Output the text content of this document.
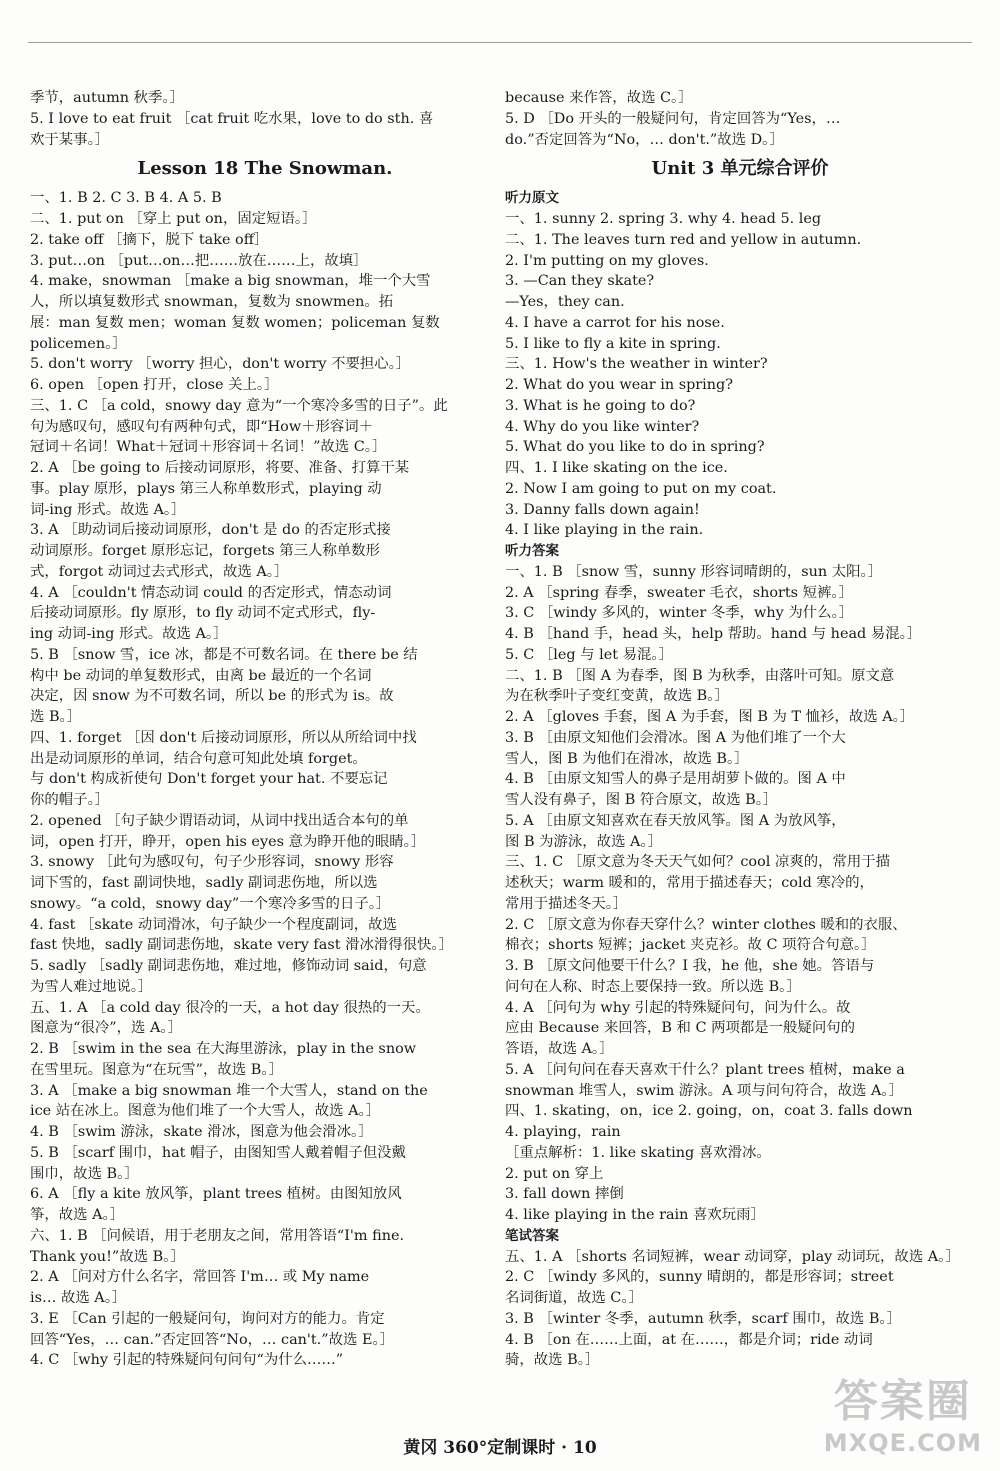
季节，autumn 秋季。］
5. I love to eat fruit ［cat fruit 吃水果，love to do sth. 喜
欢于某事。］
Lesson 18 The Snowman.
一、1. B 2. C 3. B 4. A 5. B
二、1. put on ［穿上 put on，固定短语。］
2. take off ［摘下，脱下 take off］
3. put…on ［put…on…把……放在……上，故填］
4. make，snowman ［make a big snowman，堆一个大雪
人，所以填复数形式 snowman，复数为 snowmen。拓
展：man 复数 men；woman 复数 women；policeman 复数
policemen。］
5. don't worry ［worry 担心，don't worry 不要担心。］
6. open ［open 打开，close 关上。］
三、1. C ［a cold，snowy day 意为“一个寒冷多雪的日子”。此
句为感叹句，感叹句有两种句式，即“How＋形容词＋
冠词＋名词！What＋冠词＋形容词＋名词！”故选 C。］
2. A ［be going to 后接动词原形，将要、准备、打算干某
事。play 原形，plays 第三人称单数形式，playing 动
词-ing 形式。故选 A。］
3. A ［助动词后接动词原形，don't 是 do 的否定形式接
动词原形。forget 原形忘记，forgets 第三人称单数形
式，forgot 动词过去式形式，故选 A。］
4. A ［couldn't 情态动词 could 的否定形式，情态动词
后接动词原形。fly 原形，to fly 动词不定式形式，fly-
ing 动词-ing 形式。故选 A。］
5. B ［snow 雪，ice 冰，都是不可数名词。在 there be 结
构中 be 动词的单复数形式，由离 be 最近的一个名词
决定，因 snow 为不可数名词，所以 be 的形式为 is。故
选 B。］
四、1. forget ［因 don't 后接动词原形，所以从所给词中找
出是动词原形的单词，结合句意可知此处填 forget。
与 don't 构成祈使句 Don't forget your hat. 不要忘记
你的帽子。］
2. opened ［句子缺少谓语动词，从词中找出适合本句的单
词，open 打开，睁开，open his eyes 意为睁开他的眼睛。］
3. snowy ［此句为感叹句，句子少形容词，snowy 形容
词下雪的，fast 副词快地，sadly 副词悲伤地，所以选
snowy。“a cold，snowy day”一个寒冷多雪的日子。］
4. fast ［skate 动词滑冰，句子缺少一个程度副词，故选
fast 快地，sadly 副词悲伤地，skate very fast 滑冰滑得很快。］
5. sadly ［sadly 副词悲伤地，难过地，修饰动词 said，句意
为雪人难过地说。］
五、1. A ［a cold day 很冷的一天，a hot day 很热的一天。
图意为“很冷”，选 A。］
2. B ［swim in the sea 在大海里游泳，play in the snow
在雪里玩。图意为“在玩雪”，故选 B。］
3. A ［make a big snowman 堆一个大雪人，stand on the
ice 站在冰上。图意为他们堆了一个大雪人，故选 A。］
4. B ［swim 游泳，skate 滑冰，图意为他会滑冰。］
5. B ［scarf 围巾，hat 帽子，由图知雪人戴着帽子但没戴
围巾，故选 B。］
6. A ［fly a kite 放风筝，plant trees 植树。由图知放风
筝，故选 A。］
六、1. B ［问候语，用于老朋友之间，常用答语“I'm fine.
Thank you!”故选 B。］
2. A ［问对方什么名字，常回答 I'm… 或 My name
is… 故选 A。］
3. E ［Can 引起的一般疑问句，询问对方的能力。肯定
回答“Yes，… can.”否定回答“No，… can't.”故选 E。］
4. C ［why 引起的特殊疑问句问句“为什么……”
because 来作答，故选 C。］
5. D ［Do 开头的一般疑问句，肯定回答为“Yes，…
do.”否定回答为“No，… don't.”故选 D。］
Unit 3 单元综合评价
听力原文
一、1. sunny 2. spring 3. why 4. head 5. leg
二、1. The leaves turn red and yellow in autumn.
2. I'm putting on my gloves.
3. —Can they skate?
—Yes，they can.
4. I have a carrot for his nose.
5. I like to fly a kite in spring.
三、1. How's the weather in winter?
2. What do you wear in spring?
3. What is he going to do?
4. Why do you like winter?
5. What do you like to do in spring?
四、1. I like skating on the ice.
2. Now I am going to put on my coat.
3. Danny falls down again!
4. I like playing in the rain.
听力答案
一、1. B ［snow 雪，sunny 形容词晴朗的，sun 太阳。］
2. A ［spring 春季，sweater 毛衣，shorts 短裤。］
3. C ［windy 多风的，winter 冬季，why 为什么。］
4. B ［hand 手，head 头，help 帮助。hand 与 head 易混。］
5. C ［leg 与 let 易混。］
二、1. B ［图 A 为春季，图 B 为秋季，由落叶可知。原文意
为在秋季叶子变红变黄，故选 B。］
2. A ［gloves 手套，图 A 为手套，图 B 为 T 恤衫，故选 A。］
3. B ［由原文知他们会滑冰。图 A 为他们堆了一个大
雪人，图 B 为他们在滑冰，故选 B。］
4. B ［由原文知雪人的鼻子是用胡萝卜做的。图 A 中
雪人没有鼻子，图 B 符合原文，故选 B。］
5. A ［由原文知喜欢在春天放风筝。图 A 为放风筝，
图 B 为游泳，故选 A。］
三、1. C ［原文意为冬天天气如何？cool 凉爽的，常用于描
述秋天；warm 暖和的，常用于描述春天；cold 寒冷的，
常用于描述冬天。］
2. C ［原文意为你春天穿什么？winter clothes 暖和的衣服、
棉衣；shorts 短裤；jacket 夹克衫。故 C 项符合句意。］
3. B ［原文问他要干什么？I 我，he 他，she 她。答语与
问句在人称、时态上要保持一致。所以选 B。］
4. A ［问句为 why 引起的特殊疑问句，问为什么。故
应由 Because 来回答，B 和 C 两项都是一般疑问句的
答语，故选 A。］
5. A ［问句问在春天喜欢干什么？plant trees 植树，make a
snowman 堆雪人，swim 游泳。A 项与问句符合，故选 A。］
四、1. skating，on，ice 2. going，on，coat 3. falls down
4. playing，rain
［重点解析：1. like skating 喜欢滑冰。
2. put on 穿上
3. fall down 摔倒
4. like playing in the rain 喜欢玩雨］
笔试答案
五、1. A ［shorts 名词短裤，wear 动词穿，play 动词玩，故选 A。］
2. C ［windy 多风的，sunny 晴朗的，都是形容词；street
名词街道，故选 C。］
3. B ［winter 冬季，autumn 秋季，scarf 围巾，故选 B。］
4. B ［on 在……上面，at 在……，都是介词；ride 动词
骑，故选 B。］
黄冈 360°定制课时 · 10
答案圈
MXQE.COM
